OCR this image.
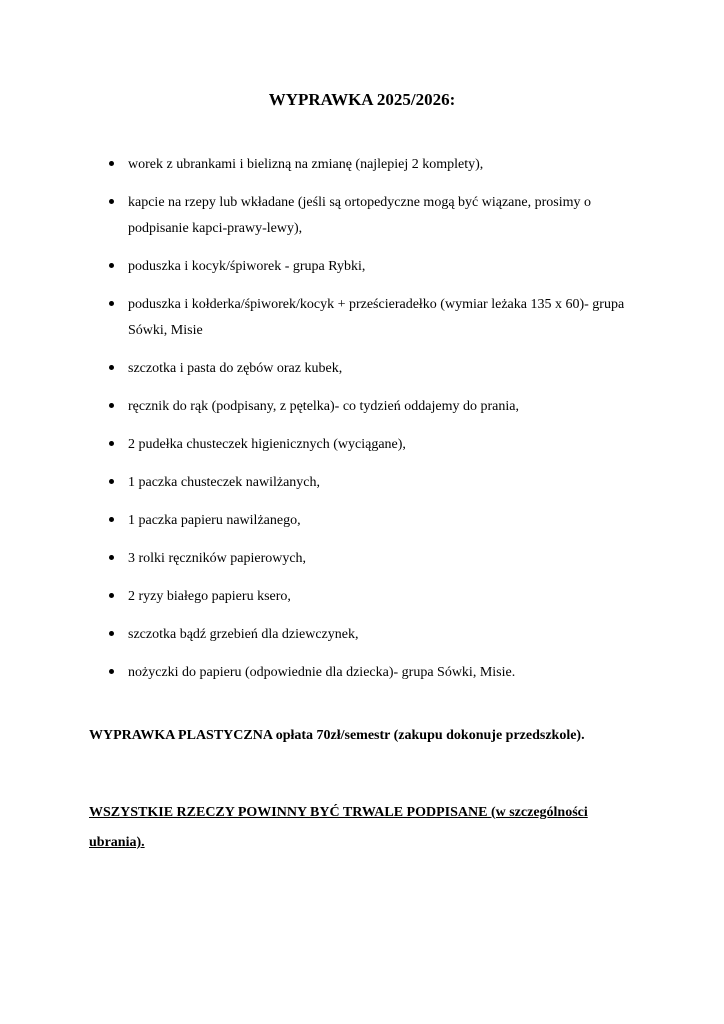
WYPRAWKA 2025/2026:
worek z ubrankami i bielizną na zmianę (najlepiej 2 komplety),
kapcie na rzepy lub wkładane (jeśli są ortopedyczne mogą być wiązane, prosimy o podpisanie kapci-prawy-lewy),
poduszka i kocyk/śpiworek - grupa Rybki,
poduszka i kołderka/śpiworek/kocyk + prześcieradełko (wymiar leżaka 135 x 60)- grupa Sówki, Misie
szczotka i pasta do zębów oraz kubek,
ręcznik do rąk (podpisany, z pętelka)- co tydzień oddajemy do prania,
2 pudełka chusteczek higienicznych (wyciągane),
1 paczka chusteczek nawilżanych,
1 paczka papieru nawilżanego,
3 rolki ręczników papierowych,
2 ryzy białego papieru ksero,
szczotka bądź grzebień dla dziewczynek,
nożyczki do papieru (odpowiednie dla dziecka)- grupa Sówki, Misie.

WYPRAWKA PLASTYCZNA opłata 70zł/semestr (zakupu dokonuje przedszkole).

WSZYSTKIE RZECZY POWINNY BYĆ TRWALE PODPISANE (w szczególności ubrania).
